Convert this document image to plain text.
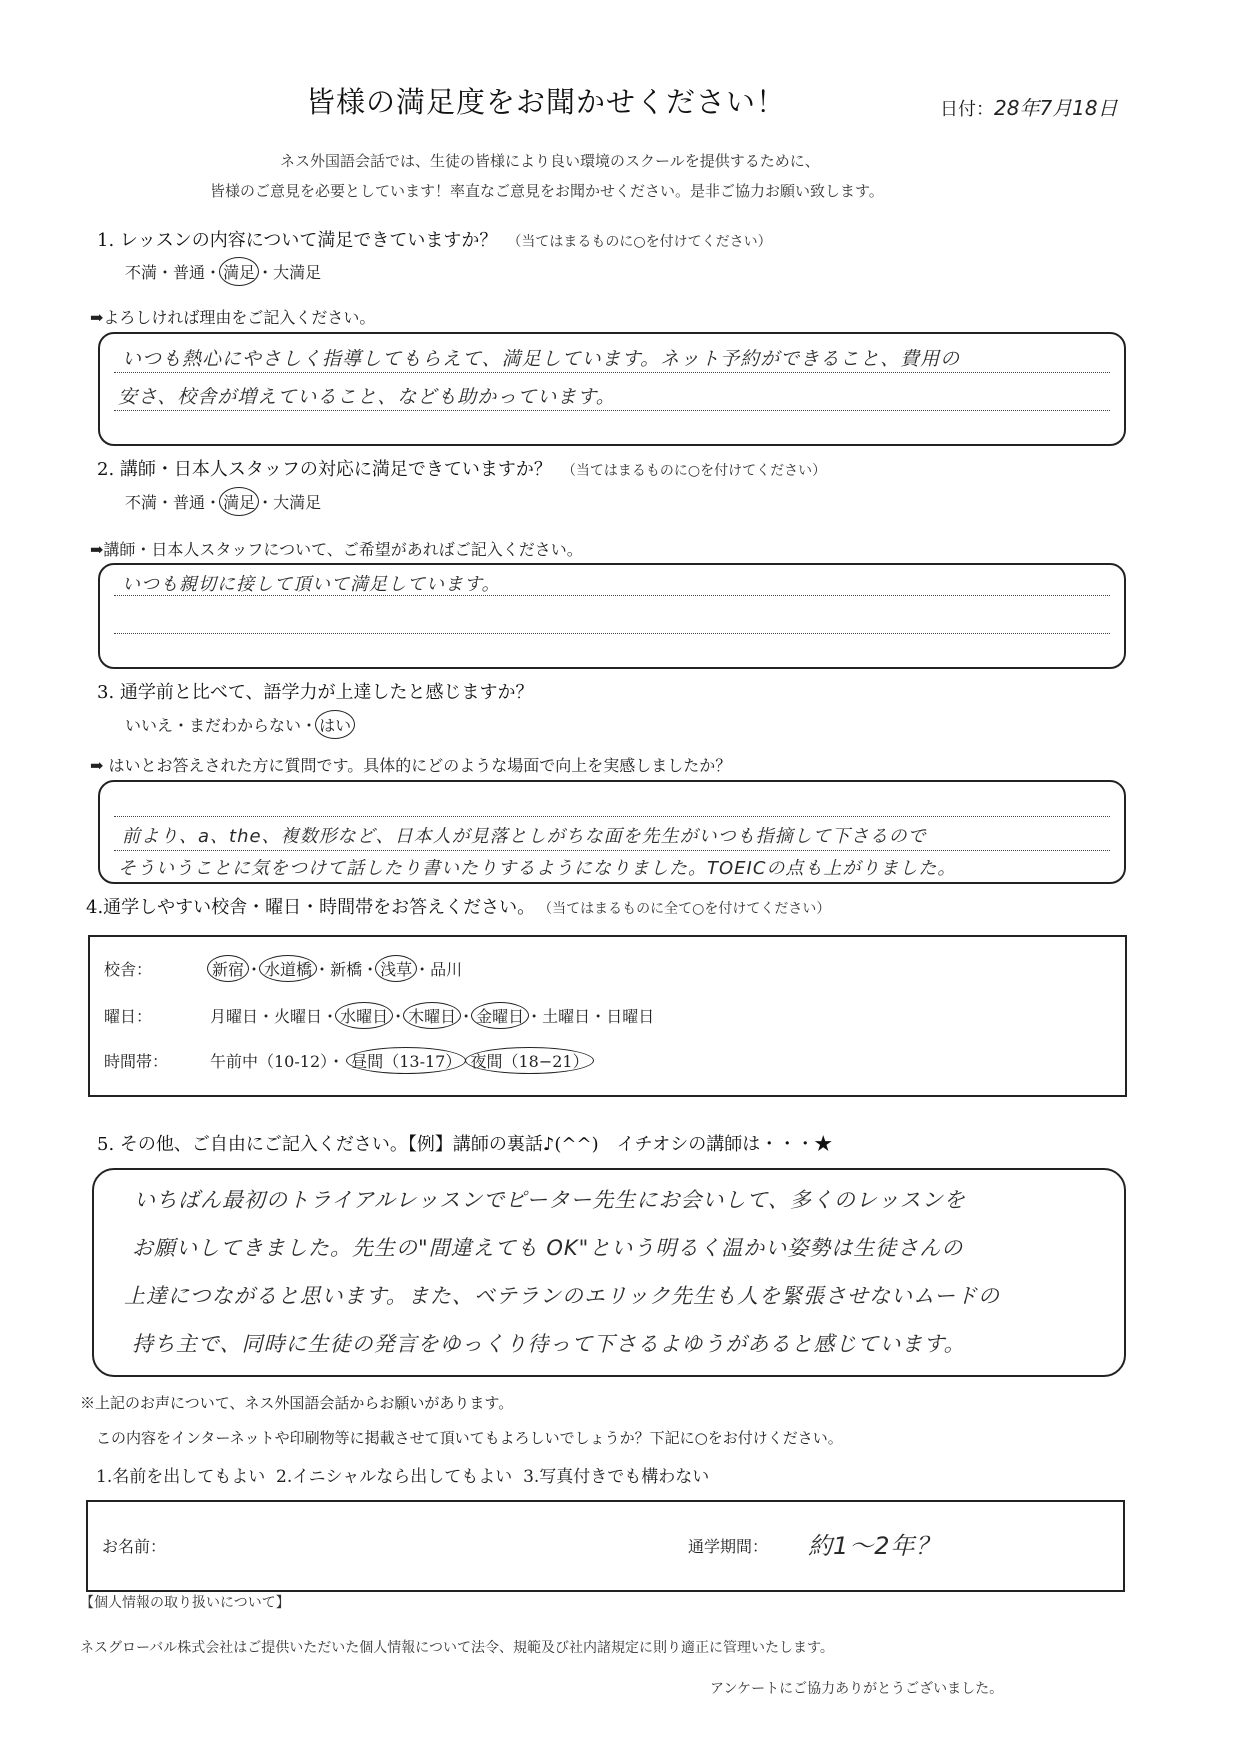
皆様の満足度をお聞かせください！	日付：28年7月18日
ネス外国語会話では、生徒の皆様により良い環境のスクールを提供するために、
皆様のご意見を必要としています！率直なご意見をお聞かせください。是非ご協力お願い致します。
1. レッスンの内容について満足できていますか？ （当てはまるものに○を付けてください）
不満・普通・ 満足 ・大満足
➡よろしければ理由をご記入ください。
いつも熱心にやさしく指導してもらえて、満足しています。ネット予約ができること、費用の
安さ、校舎が増えていること、なども助かっています。
2. 講師・日本人スタッフの対応に満足できていますか？ （当てはまるものに○を付けてください）
不満・普通・ 満足 ・大満足
➡講師・日本人スタッフについて、ご希望があればご記入ください。
いつも親切に接して頂いて満足しています。
3. 通学前と比べて、語学力が上達したと感じますか？
いいえ・まだわからない・ はい
➡ はいとお答えされた方に質問です。具体的にどのような場面で向上を実感しましたか？
前より、a、the、複数形など、日本人が見落としがちな面を先生がいつも指摘して下さるので
そういうことに気をつけて話したり書いたりするようになりました。TOEICの点も上がりました。
4.通学しやすい校舎・曜日・時間帯をお答えください。 （当てはまるものに全て○を付けてください）
校舎：	新宿 ・ 水道橋 ・新橋・ 浅草 ・品川
曜日：	月曜日・火曜日・ 水曜日 ・ 木曜日 ・ 金曜日 ・土曜日・日曜日
時間帯：	午前中（10-12）・ 昼間（13-17） 夜間（18−21）
5. その他、ご自由にご記入ください。【例】講師の裏話♪(^^)　イチオシの講師は・・・★
いちばん最初のトライアルレッスンでピーター先生にお会いして、多くのレッスンを
お願いしてきました。先生の"間違えても OK"という明るく温かい姿勢は生徒さんの
上達につながると思います。また、ベテランのエリック先生も人を緊張させないムードの
持ち主で、同時に生徒の発言をゆっくり待って下さるよゆうがあると感じています。
※上記のお声について、ネス外国語会話からお願いがあります。
この内容をインターネットや印刷物等に掲載させて頂いてもよろしいでしょうか？下記に○をお付けください。
1.名前を出してもよい 2.イニシャルなら出してもよい 3.写真付きでも構わない
お名前：	通学期間： 約1〜2年？
【個人情報の取り扱いについて】
ネスグローバル株式会社はご提供いただいた個人情報について法令、規範及び社内諸規定に則り適正に管理いたします。
アンケートにご協力ありがとうございました。
